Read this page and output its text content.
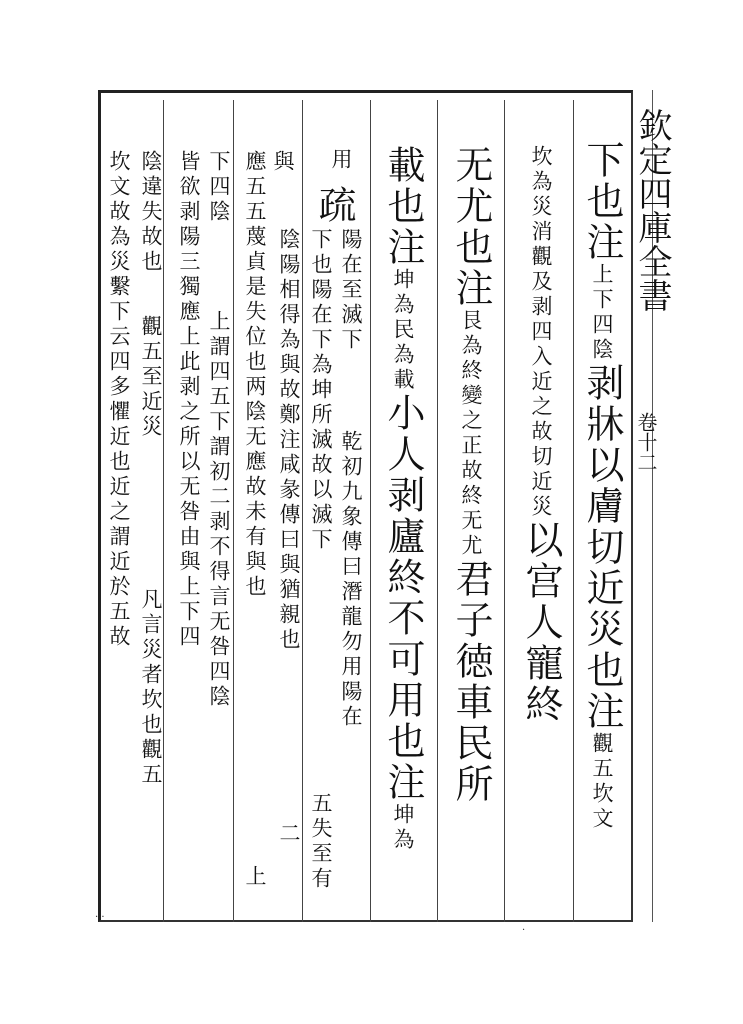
欽定四庫全書
卷十二
下也注上下四陰剥牀以膚切近災也注觀五坎文
坎為災消觀及剥四入近之故切近災以宫人寵終
无尤也注艮為終變之正故終无尤君子徳車民所
載也注坤為民為載小人剥廬終不可用也注坤為
用
疏
陽在至滅下
乾初九象傳曰潛龍勿用陽在
下也陽在下為坤所滅故以滅下
五失至有
與
陰陽相得為與故鄭注咸彖傳曰與猶親也
二
應五五蔑貞是失位也两陰无應故未有與也
上
下四陰
上謂四五下謂初二剥不得言无咎四陰
皆欲剥陽三獨應上此剥之所以无咎由與上下四
陰違失故也
觀五至近災
凡言災者坎也觀五
坎文故為災繫下云四多懼近也近之謂近於五故
· ·
·
